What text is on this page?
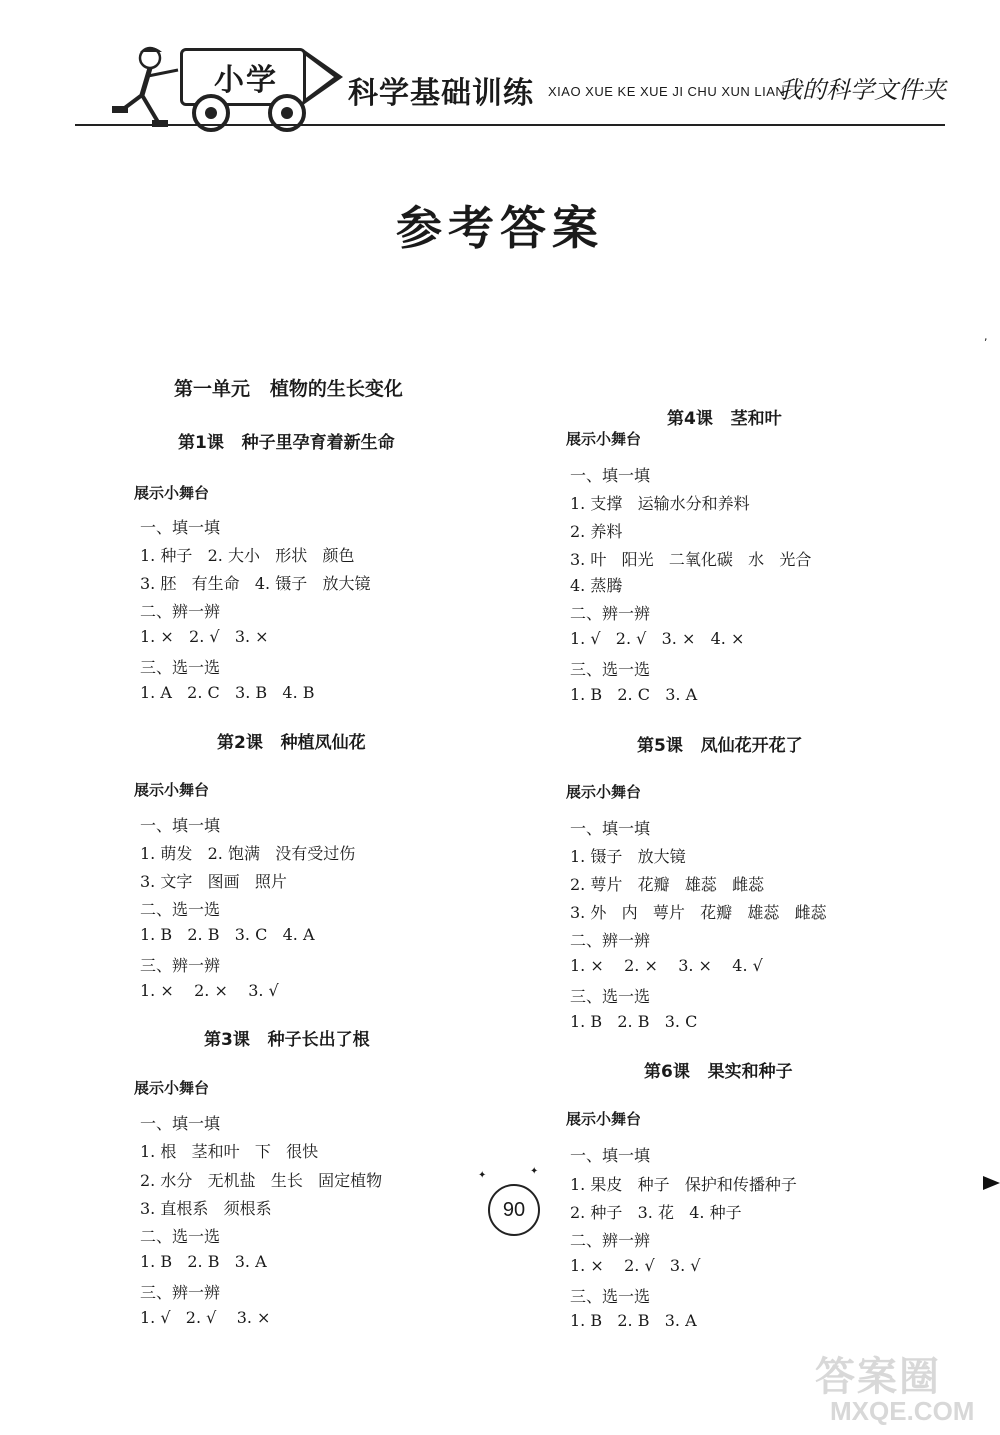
小学 科学基础训练 XIAO XUE KE XUE JI CHU XUN LIAN
我的科学文件夹
参考答案
,
第一单元   植物的生长变化
第1课   种子里孕育着新生命
展示小舞台
一、填一填
1. 种子   2. 大小   形状   颜色
3. 胚   有生命   4. 镊子   放大镜
二、辨一辨
1. ×   2. √   3. ×
三、选一选
1. A   2. C   3. B   4. B
第2课   种植凤仙花
展示小舞台
一、填一填
1. 萌发   2. 饱满   没有受过伤
3. 文字   图画   照片
二、选一选
1. B   2. B   3. C   4. A
三、辨一辨
1. ×    2. ×    3. √
第3课   种子长出了根
展示小舞台
一、填一填
1. 根   茎和叶   下   很快
2. 水分   无机盐   生长   固定植物
3. 直根系   须根系
二、选一选
1. B   2. B   3. A
三、辨一辨
1. √   2. √    3. ×
第4课   茎和叶
展示小舞台
一、填一填
1. 支撑   运输水分和养料
2. 养料
3. 叶   阳光   二氧化碳   水   光合
4. 蒸腾
二、辨一辨
1. √   2. √   3. ×   4. ×
三、选一选
1. B   2. C   3. A
第5课   凤仙花开花了
展示小舞台
一、填一填
1. 镊子   放大镜
2. 萼片   花瓣   雄蕊   雌蕊
3. 外   内   萼片   花瓣   雄蕊   雌蕊
二、辨一辨
1. ×    2. ×    3. ×    4. √
三、选一选
1. B   2. B   3. C
第6课   果实和种子
展示小舞台
一、填一填
1. 果皮   种子   保护和传播种子
2. 种子   3. 花   4. 种子
二、辨一辨
1. ×    2. √   3. √
三、选一选
1. B   2. B   3. A
✦	✦
90
答案圈
MXQE.COM
